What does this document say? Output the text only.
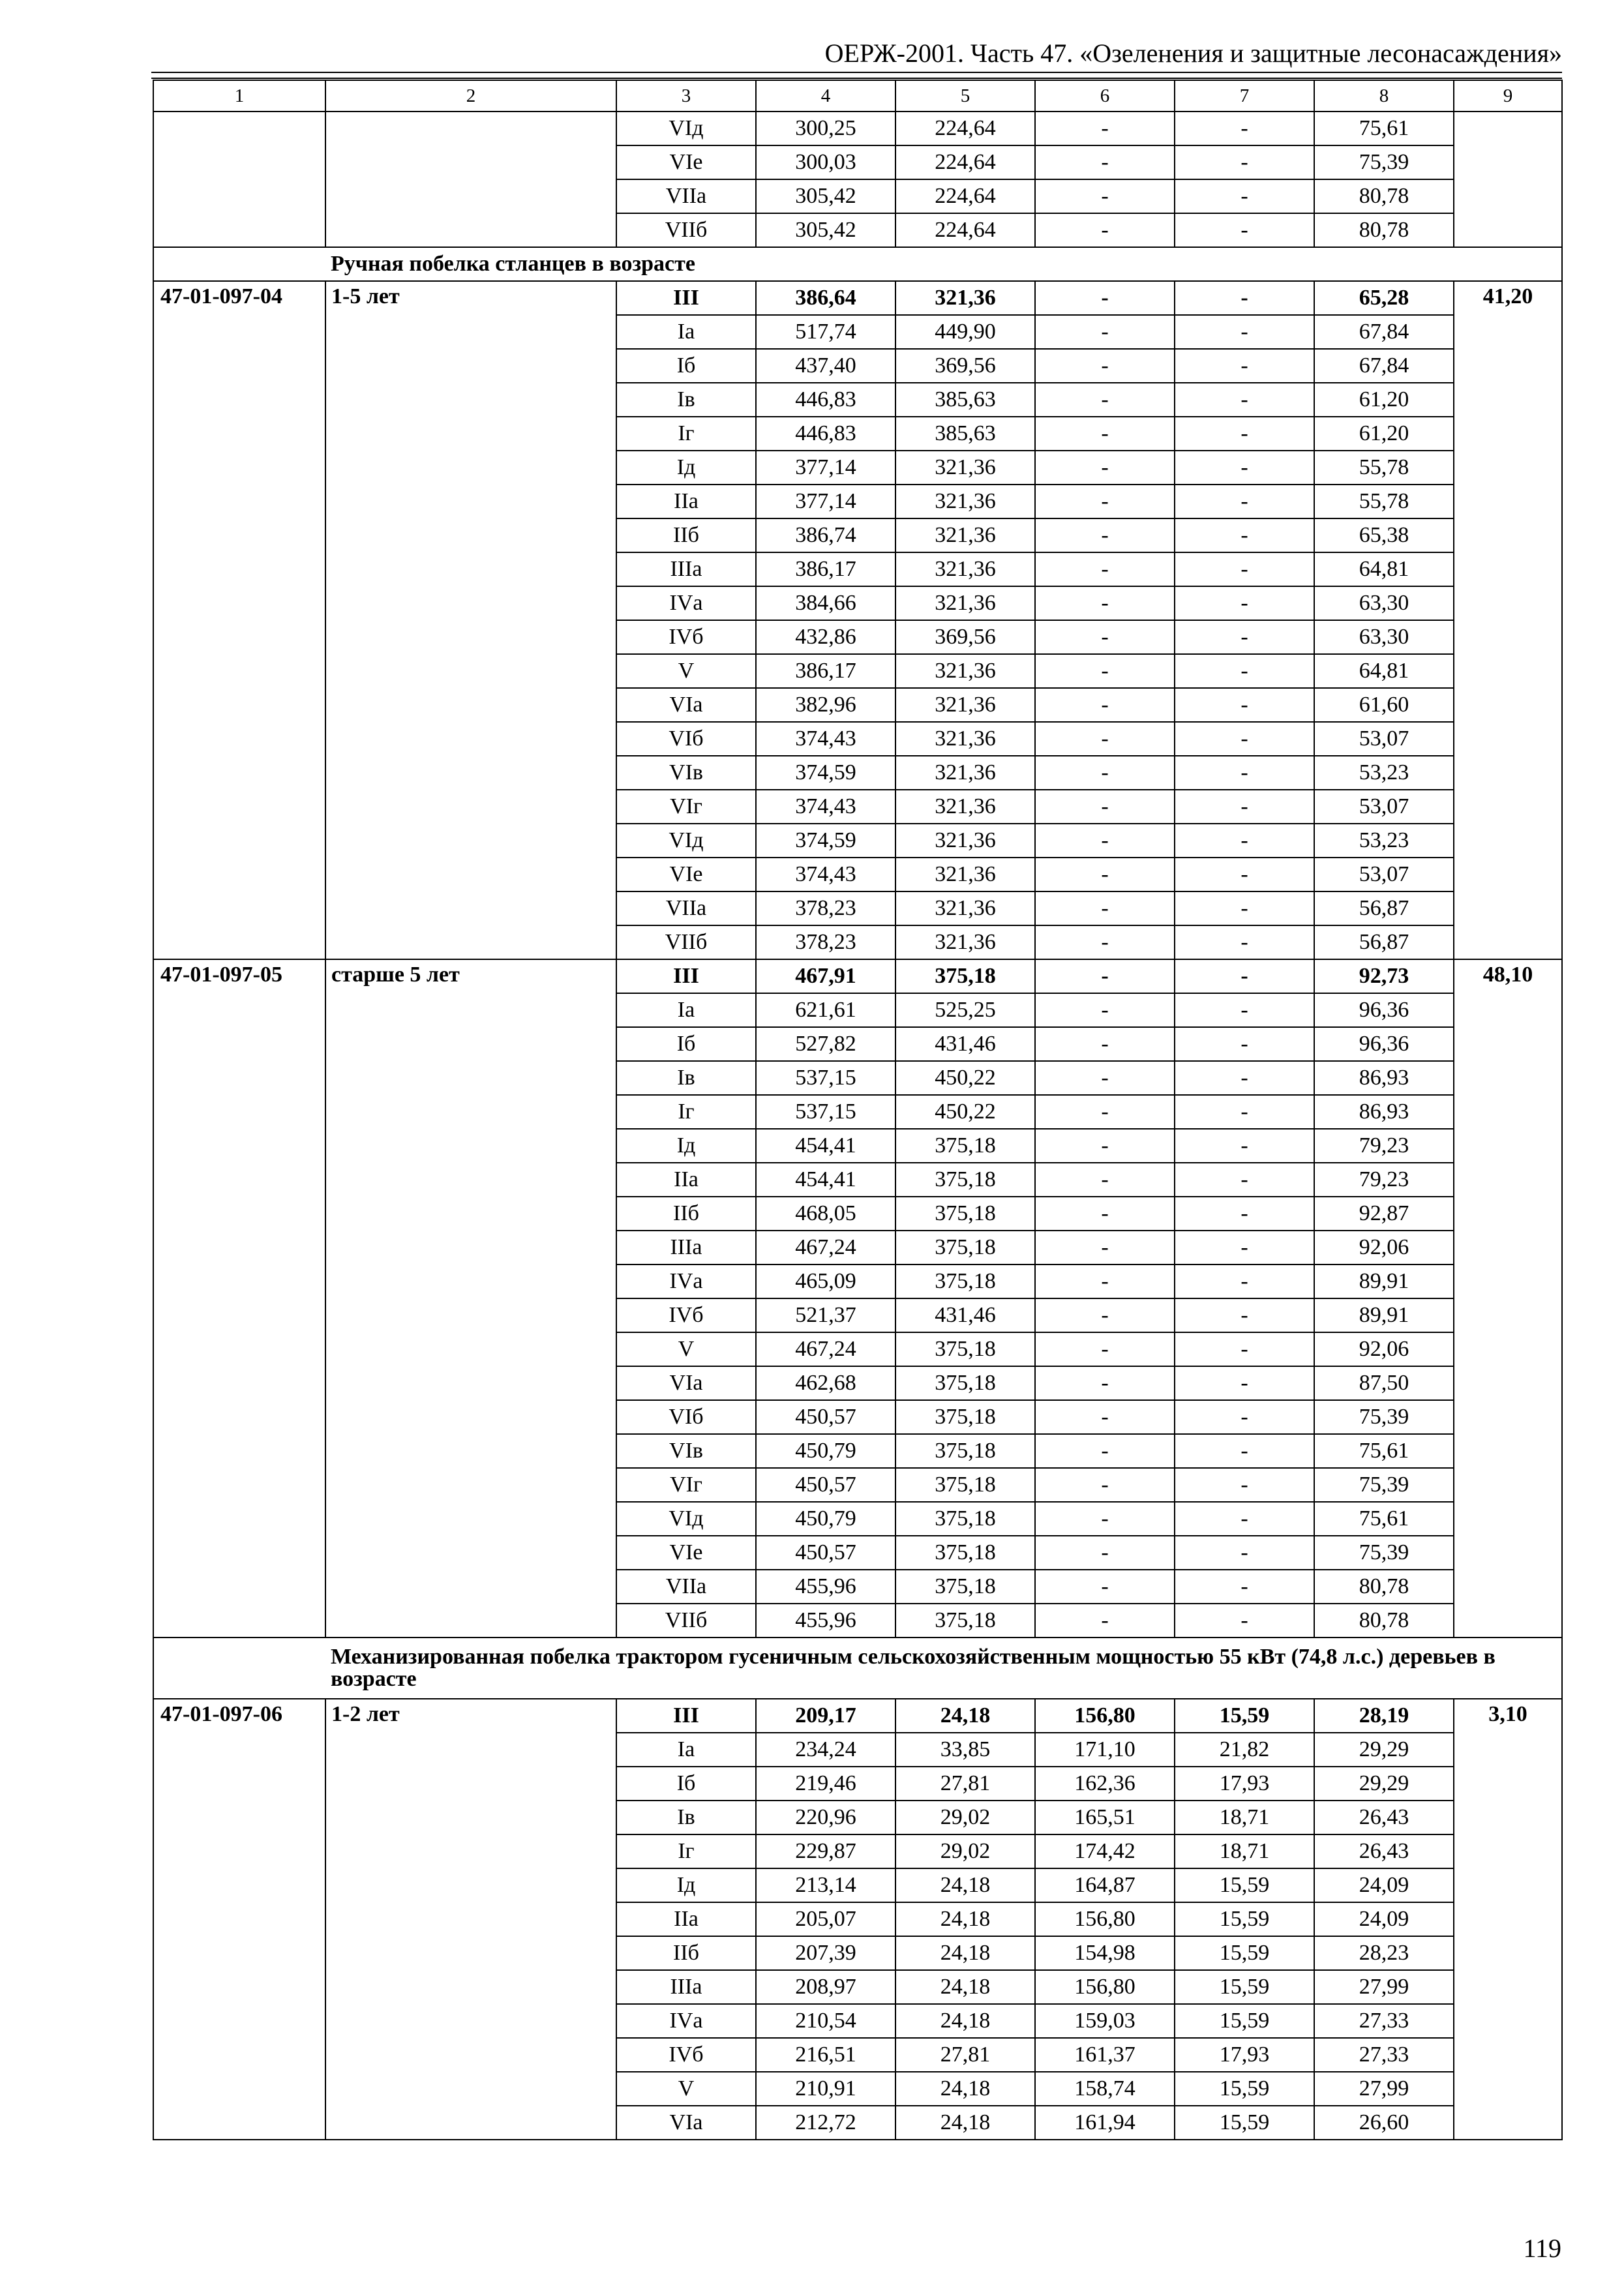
ОЕРЖ-2001. Часть 47. «Озеленения и защитные лесонасаждения»
1	2	3	4	5	6	7	8	9
		VIд	300,25	224,64	-	-	75,61	
		VIе	300,03	224,64	-	-	75,39	
		VIIа	305,42	224,64	-	-	80,78	
		VIIб	305,42	224,64	-	-	80,78	
	Ручная побелка стланцев в возрасте							
47-01-097-04	1-5 лет	III	386,64	321,36	-	-	65,28	41,20
		Iа	517,74	449,90	-	-	67,84	
		Iб	437,40	369,56	-	-	67,84	
		Iв	446,83	385,63	-	-	61,20	
		Iг	446,83	385,63	-	-	61,20	
		Iд	377,14	321,36	-	-	55,78	
		IIа	377,14	321,36	-	-	55,78	
		IIб	386,74	321,36	-	-	65,38	
		IIIа	386,17	321,36	-	-	64,81	
		IVа	384,66	321,36	-	-	63,30	
		IVб	432,86	369,56	-	-	63,30	
		V	386,17	321,36	-	-	64,81	
		VIа	382,96	321,36	-	-	61,60	
		VIб	374,43	321,36	-	-	53,07	
		VIв	374,59	321,36	-	-	53,23	
		VIг	374,43	321,36	-	-	53,07	
		VIд	374,59	321,36	-	-	53,23	
		VIе	374,43	321,36	-	-	53,07	
		VIIа	378,23	321,36	-	-	56,87	
		VIIб	378,23	321,36	-	-	56,87	
47-01-097-05	старше 5 лет	III	467,91	375,18	-	-	92,73	48,10
		Iа	621,61	525,25	-	-	96,36	
		Iб	527,82	431,46	-	-	96,36	
		Iв	537,15	450,22	-	-	86,93	
		Iг	537,15	450,22	-	-	86,93	
		Iд	454,41	375,18	-	-	79,23	
		IIа	454,41	375,18	-	-	79,23	
		IIб	468,05	375,18	-	-	92,87	
		IIIа	467,24	375,18	-	-	92,06	
		IVа	465,09	375,18	-	-	89,91	
		IVб	521,37	431,46	-	-	89,91	
		V	467,24	375,18	-	-	92,06	
		VIа	462,68	375,18	-	-	87,50	
		VIб	450,57	375,18	-	-	75,39	
		VIв	450,79	375,18	-	-	75,61	
		VIг	450,57	375,18	-	-	75,39	
		VIд	450,79	375,18	-	-	75,61	
		VIе	450,57	375,18	-	-	75,39	
		VIIа	455,96	375,18	-	-	80,78	
		VIIб	455,96	375,18	-	-	80,78	
	Механизированная побелка трактором гусеничным сельскохозяйственным мощностью 55 кВт (74,8 л.с.) деревьев в возрасте							
47-01-097-06	1-2 лет	III	209,17	24,18	156,80	15,59	28,19	3,10
		Iа	234,24	33,85	171,10	21,82	29,29	
		Iб	219,46	27,81	162,36	17,93	29,29	
		Iв	220,96	29,02	165,51	18,71	26,43	
		Iг	229,87	29,02	174,42	18,71	26,43	
		Iд	213,14	24,18	164,87	15,59	24,09	
		IIа	205,07	24,18	156,80	15,59	24,09	
		IIб	207,39	24,18	154,98	15,59	28,23	
		IIIа	208,97	24,18	156,80	15,59	27,99	
		IVа	210,54	24,18	159,03	15,59	27,33	
		IVб	216,51	27,81	161,37	17,93	27,33	
		V	210,91	24,18	158,74	15,59	27,99	
		VIа	212,72	24,18	161,94	15,59	26,60	
119
